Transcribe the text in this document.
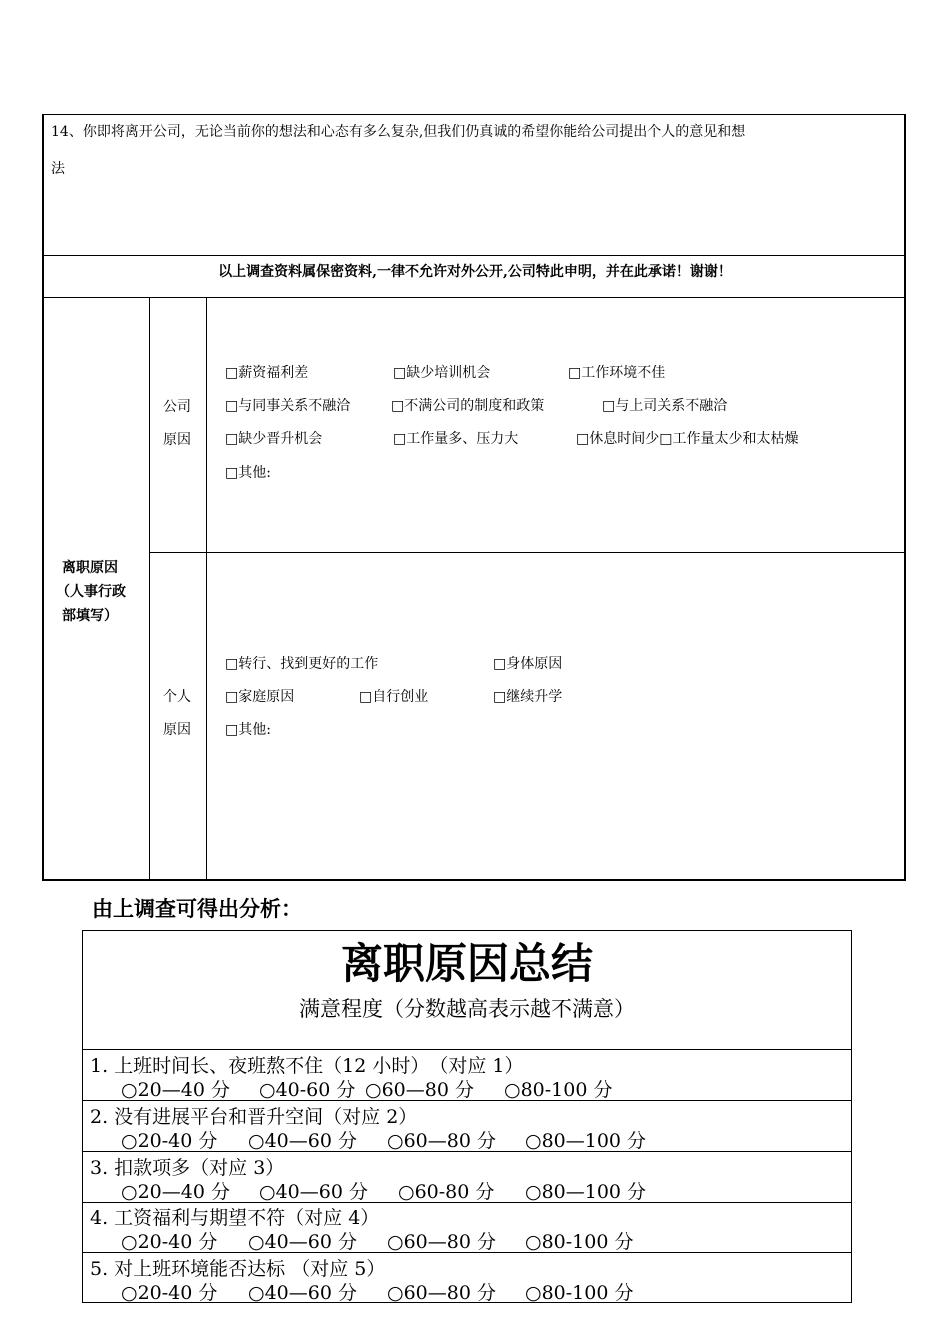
14、你即将离开公司，无论当前你的想法和心态有多么复杂,但我们仍真诚的希望你能给公司提出个人的意见和想
法
以上调查资料属保密资料,一律不允许对外公开,公司特此申明，并在此承诺！谢谢！
离职原因
（人事行政
部填写）
公司
原因
□薪资福利差	□缺少培训机会	□工作环境不佳
□与同事关系不融洽	□不满公司的制度和政策	□与上司关系不融洽
□缺少晋升机会	□工作量多、压力大	□休息时间少□工作量太少和太枯燥
□其他:
个人
原因
□转行、找到更好的工作	□身体原因
□家庭原因	□自行创业	□继续升学
□其他:
由上调查可得出分析：
离职原因总结
满意程度（分数越高表示越不满意）
1. 上班时间长、夜班熬不住（12 小时）　（对应 1）
○20—40 分 ○40-60 分 ○60—80 分 ○80-100 分
2. 没有进展平台和晋升空间（对应 2）
○20-40 分 ○40—60 分 ○60—80 分 ○80—100 分
3. 扣款项多（对应 3）
○20—40 分 ○40—60 分 ○60-80 分 ○80—100 分
4. 工资福利与期望不符（对应 4）
○20-40 分 ○40—60 分 ○60—80 分 ○80-100 分
5. 对上班环境能否达标 （对应 5）
○20-40 分 ○40—60 分 ○60—80 分 ○80-100 分
